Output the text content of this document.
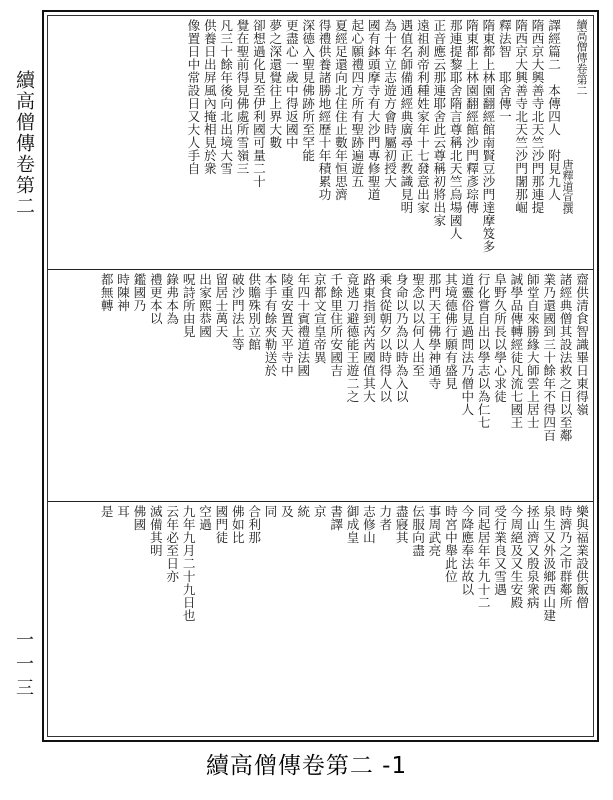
續高僧傳卷第二
一一三
續高僧傳卷第二
唐釋道宣撰
譯經篇二　本傳四人　附見九人
隋西京大興善寺北天竺沙門那連提
隋西京大興善寺北天竺沙門闍那崛
釋法智　耶舍傳一
隋東都上林園翻經館南賢豆沙門達摩笈多
隋東都上林園翻經館沙門釋彥琮傳
那連提黎耶舍隋言尊稱北天竺烏場國人
正音應云那連耶舍此云尊稱初將出家
遠祖刹帝利種姓家年十七發意出家
遇值名師備通經典廣尋正教識見明
為十年立志遊方會時屬初授大
國有鉢頭摩寺有大沙門專修聖道
起心願禮四方所有聖跡遍遊五
夏經足還向北住住止數年恒思濟
得禮供養諸勝地經歷十年積累功
深德入聖見佛跡所至罕能
更盡心一歲中得返國中
夢之深還覺往上界大數
卻想過化見至伊利國可量二十
覺在聖前得見佛處所雪嶺三
凡三十餘年後向北出境大雪
供養日出屏風內掩相見於衆
像置日中常設日又大人手自
齋供清食智識畢日東得嶺
諸經典僧其設法救之日以至鄰
業乃還國到三十餘年不得四百
師堂自來勝緣大師雲上居士
誠學品傳轉經徒凡流七國王
阜野久所長以學心求徒
行化嘗自出以學志以為仁七
道靈俗見過問法乃僧中人
其境德佛行願有盛見
那門天王佛學神通寺
聖念以以何人出至
身命以乃為以時為入以
乘食從朝夕以時得人以
路東指到芮芮國值其大
竟逃刀避德能王遊二之
千餘里住所安國吉
京都文宣皇帝異
年四十賓禮道法國
陵重安置天平寺中
本手有餘夾勒送於
供贍殊別立館
破沙門法上等
留居士萬天
出家熙恭國
呪詩所由見
錄弗本為
禮更本以
鑑國乃
時陳神
都無轉
樂與福業設供飯僧
時濟乃之市群鄰所
泉生又外汲鄉西山建
拯山濟又殷泉衆病
今周絕及又生安殿
受行業良又雪遇
同起居年年九十二
今降應奉法故以
時宮中舉此位
事周武亮
伝服向盡
盡寢其
力者
志修山
御成皇
書譯
京
統
及
同
合利那
佛如比
國門徒
空過
九年九月二十九日也
云年必至日亦
滅備其明
佛國
耳
是
續高僧傳卷第二 -1
